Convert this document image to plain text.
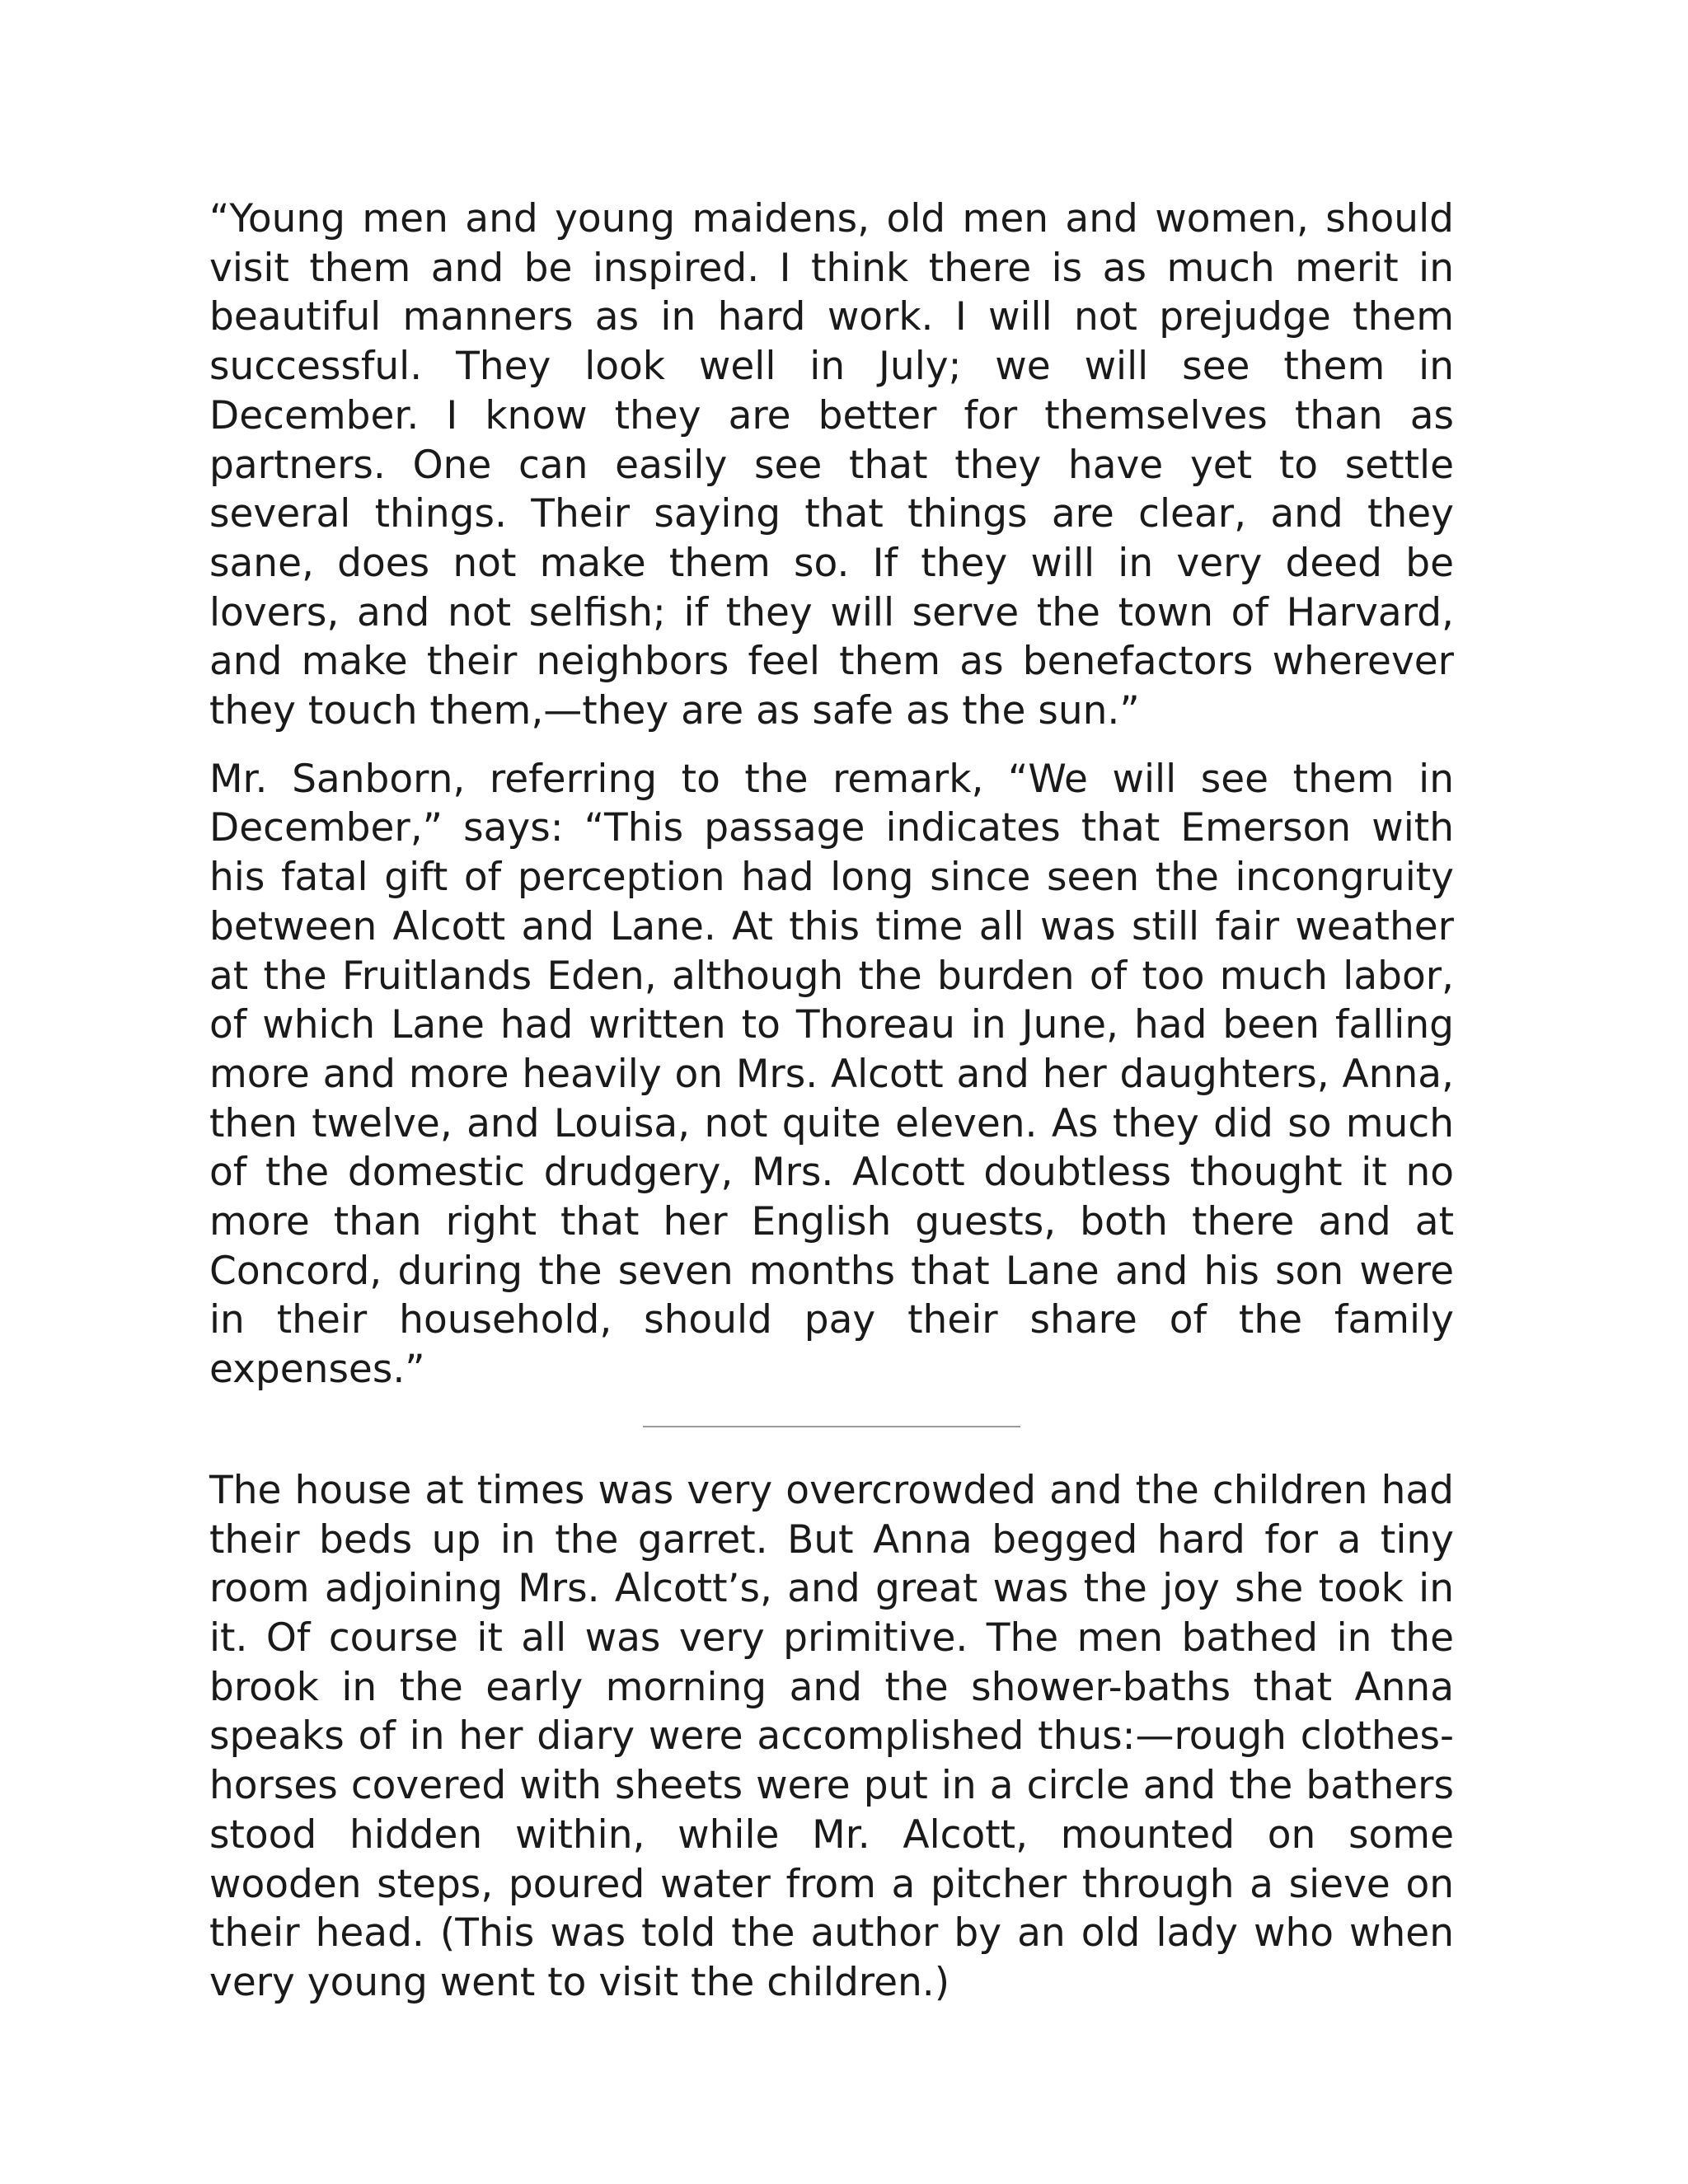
“Young men and young maidens, old men and women, should visit them and be inspired. I think there is as much merit in beautiful manners as in hard work. I will not prejudge them successful. They look well in July; we will see them in December. I know they are better for themselves than as partners. One can easily see that they have yet to settle several things. Their saying that things are clear, and they sane, does not make them so. If they will in very deed be lovers, and not selfish; if they will serve the town of Harvard, and make their neighbors feel them as benefactors wherever they touch them,—they are as safe as the sun.”

Mr. Sanborn, referring to the remark, “We will see them in December,” says: “This passage indicates that Emerson with his fatal gift of perception had long since seen the incongruity between Alcott and Lane. At this time all was still fair weather at the Fruitlands Eden, although the burden of too much labor, of which Lane had written to Thoreau in June, had been falling more and more heavily on Mrs. Alcott and her daughters, Anna, then twelve, and Louisa, not quite eleven. As they did so much of the domestic drudgery, Mrs. Alcott doubtless thought it no more than right that her English guests, both there and at Concord, during the seven months that Lane and his son were in their household, should pay their share of the family expenses.”

The house at times was very overcrowded and the children had their beds up in the garret. But Anna begged hard for a tiny room adjoining Mrs. Alcott’s, and great was the joy she took in it. Of course it all was very primitive. The men bathed in the brook in the early morning and the shower-baths that Anna speaks of in her diary were accomplished thus:—rough clothes-horses covered with sheets were put in a circle and the bathers stood hidden within, while Mr. Alcott, mounted on some wooden steps, poured water from a pitcher through a sieve on their head. (This was told the author by an old lady who when very young went to visit the children.)
